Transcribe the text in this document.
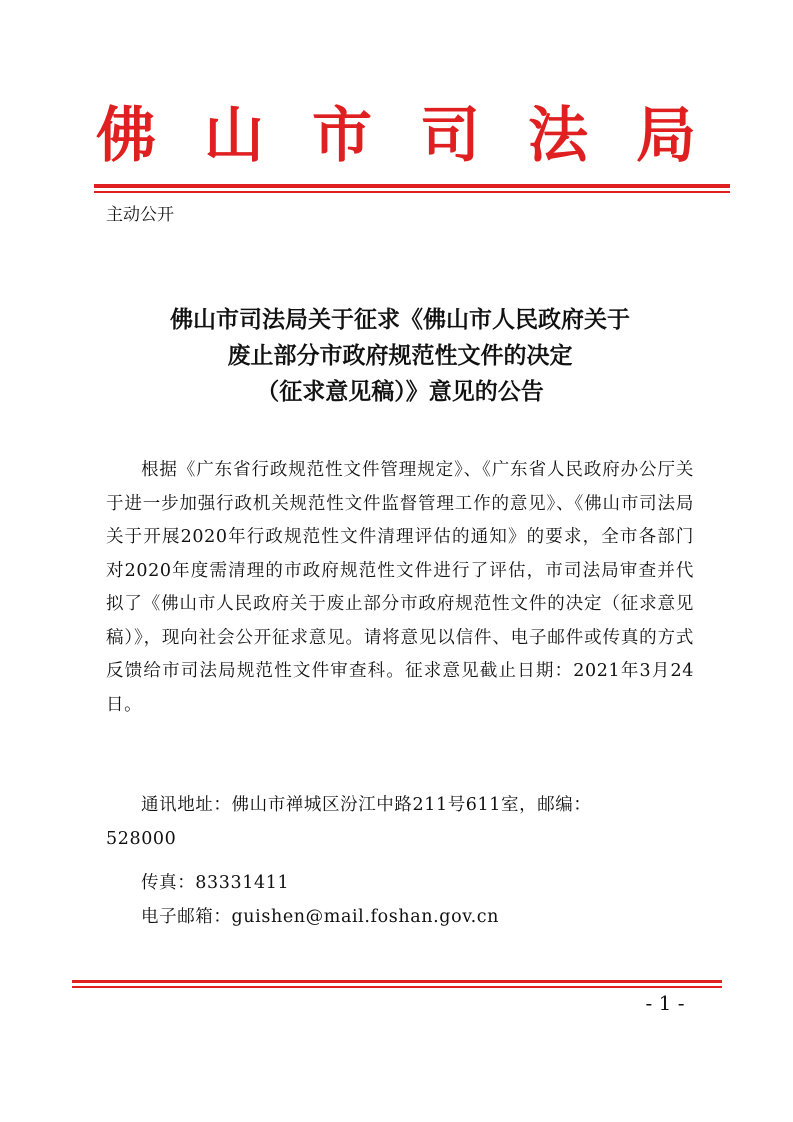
佛 山 市 司 法 局
主动公开
佛山市司法局关于征求《佛山市人民政府关于
废止部分市政府规范性文件的决定
（征求意见稿）》意见的公告

根据《广东省行政规范性文件管理规定》、《广东省人民政府办公厅关于进一步加强行政机关规范性文件监督管理工作的意见》、《佛山市司法局关于开展2020年行政规范性文件清理评估的通知》的要求，全市各部门对2020年度需清理的市政府规范性文件进行了评估，市司法局审查并代拟了《佛山市人民政府关于废止部分市政府规范性文件的决定（征求意见稿）》，现向社会公开征求意见。请将意见以信件、电子邮件或传真的方式反馈给市司法局规范性文件审查科。征求意见截止日期：2021年3月24日。

通讯地址：佛山市禅城区汾江中路211号611室，邮编：
528000
传真：83331411
电子邮箱：guishen@mail.foshan.gov.cn
- 1 -
